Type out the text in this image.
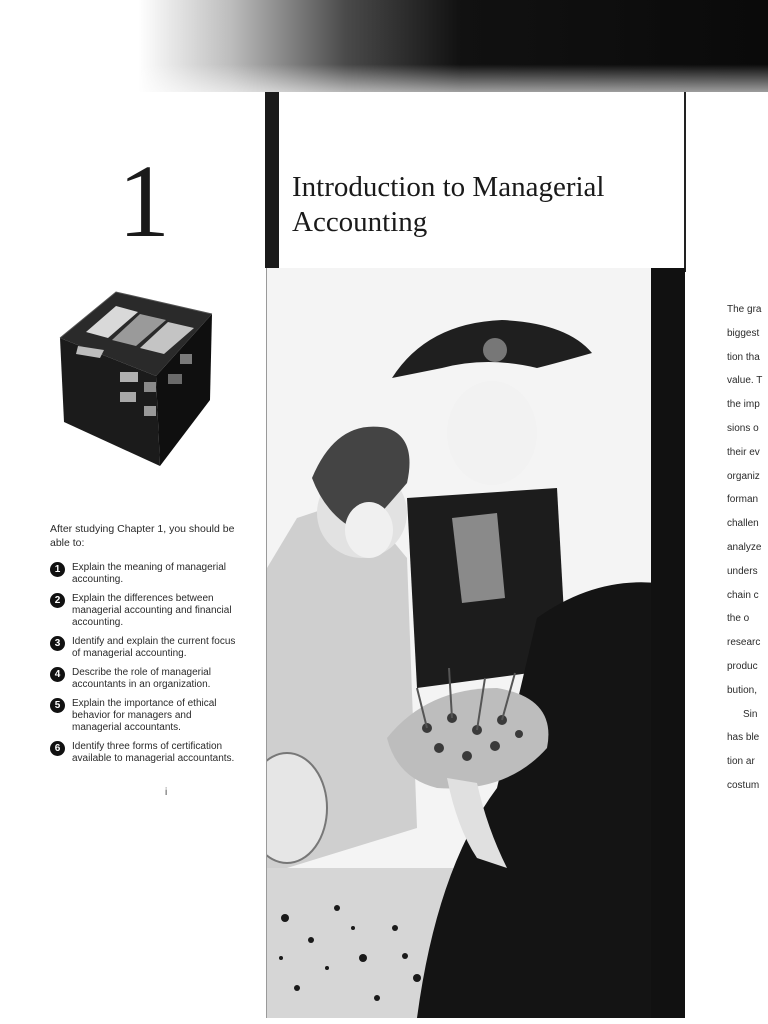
1	Introduction to Managerial Accounting
After studying Chapter 1, you should be able to:
1	Explain the meaning of managerial accounting.
2	Explain the differences between managerial accounting and financial accounting.
3	Identify and explain the current focus of managerial accounting.
4	Describe the role of managerial accountants in an organization.
5	Explain the importance of ethical behavior for managers and managerial accountants.
6	Identify three forms of certification available to managerial accountants.
i
The gra
biggest
tion tha
value. T
the imp
sions o
their ev
organiz
forman
challen
analyze
unders
chain c
the o
researc
produc
bution,
Sin
has ble
tion ar
costum
